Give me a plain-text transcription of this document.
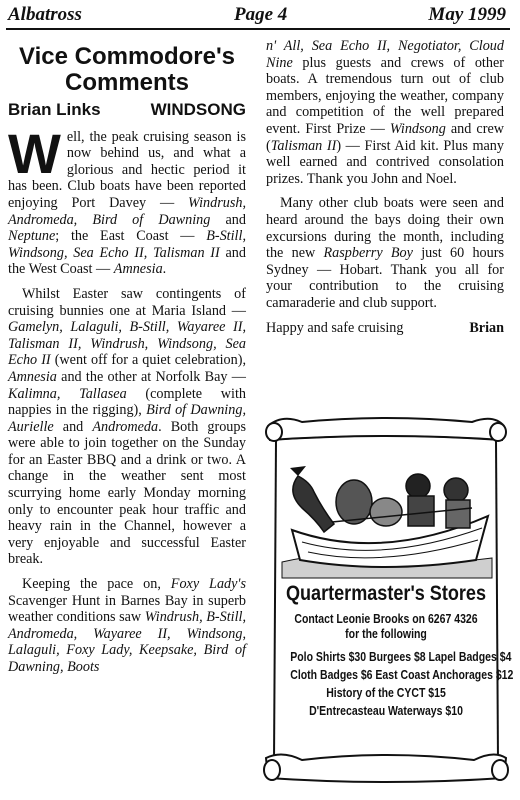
Albatross	Page 4	May 1999
Vice Commodore's
Comments
Brian Links	WINDSONG

Well, the peak cruising season is now behind us, and what a glorious and hectic period it has been. Club boats have been reported enjoying Port Davey — Windrush, Andromeda, Bird of Dawning and Neptune; the East Coast — B-Still, Windsong, Sea Echo II, Talisman II and the West Coast — Amnesia.

Whilst Easter saw contingents of cruising bunnies one at Maria Island — Gamelyn, Lalaguli, B-Still, Wayaree II, Talisman II, Windrush, Windsong, Sea Echo II (went off for a quiet celebration), Amnesia and the other at Norfolk Bay — Kalimna, Tallasea (complete with nappies in the rigging), Bird of Dawning, Aurielle and Andromeda. Both groups were able to join together on the Sunday for an Easter BBQ and a drink or two. A change in the weather sent most scurrying home early Monday morning only to encounter peak hour traffic and heavy rain in the Channel, however a very enjoyable and successful Easter break.

Keeping the pace on, Foxy Lady's Scavenger Hunt in Barnes Bay in superb weather conditions saw Windrush, B-Still, Andromeda, Wayaree II, Windsong, Lalaguli, Foxy Lady, Keepsake, Bird of Dawning, Boots

n' All, Sea Echo II, Negotiator, Cloud Nine plus guests and crews of other boats. A tremendous turn out of club members, enjoying the weather, company and competition of the well prepared event. First Prize — Windsong and crew (Talisman II) — First Aid kit. Plus many well earned and contrived consolation prizes. Thank you John and Noel.

Many other club boats were seen and heard around the bays doing their own excursions during the month, including the new Raspberry Boy just 60 hours Sydney — Hobart. Thank you all for your contribution to the cruising camaraderie and club support.

Happy and safe cruising	Brian
Quartermaster's Stores
Contact Leonie Brooks on 6267 4326
for the following
Polo Shirts $30 Burgees $8 Lapel Badges $4
Cloth Badges $6 East Coast Anchorages $12
History of the CYCT $15
D'Entrecasteau Waterways $10
